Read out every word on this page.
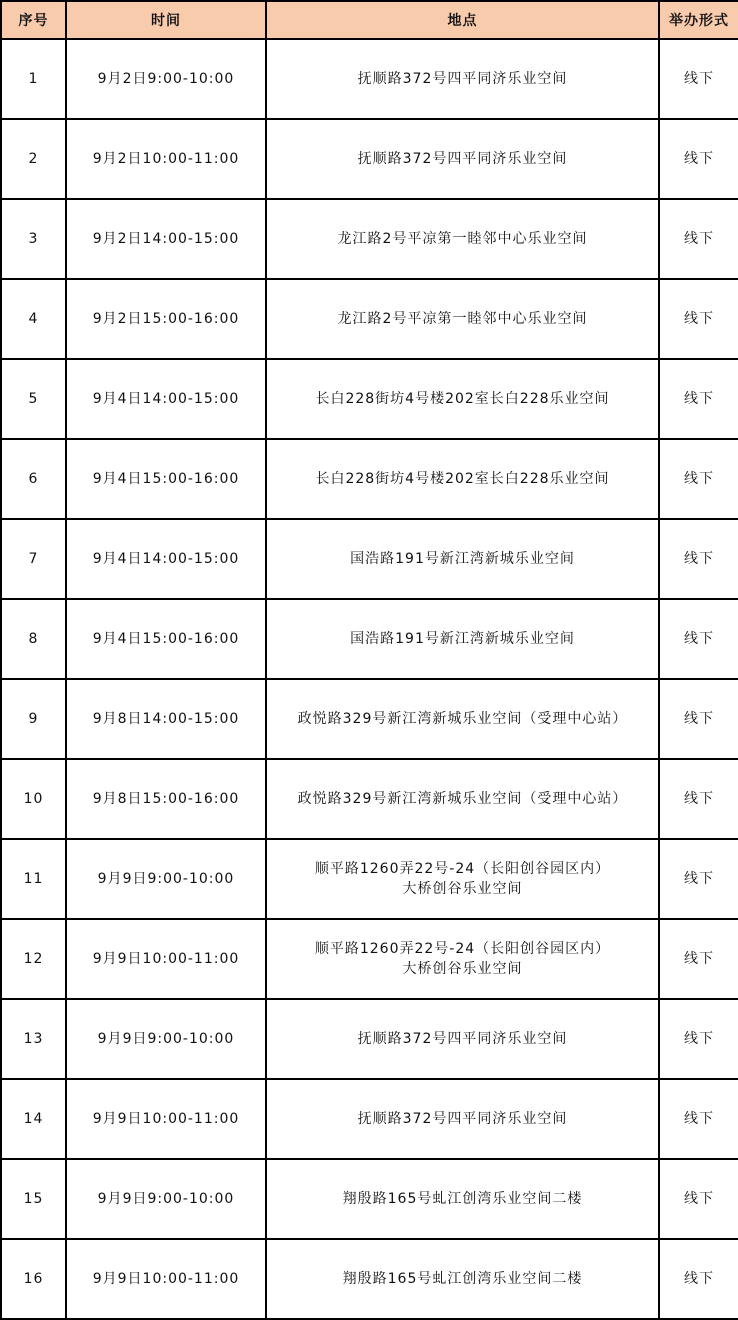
序号	时间	地点	举办形式
1	9月2日9:00-10:00	抚顺路372号四平同济乐业空间	线下
2	9月2日10:00-11:00	抚顺路372号四平同济乐业空间	线下
3	9月2日14:00-15:00	龙江路2号平凉第一睦邻中心乐业空间	线下
4	9月2日15:00-16:00	龙江路2号平凉第一睦邻中心乐业空间	线下
5	9月4日14:00-15:00	长白228街坊4号楼202室长白228乐业空间	线下
6	9月4日15:00-16:00	长白228街坊4号楼202室长白228乐业空间	线下
7	9月4日14:00-15:00	国浩路191号新江湾新城乐业空间	线下
8	9月4日15:00-16:00	国浩路191号新江湾新城乐业空间	线下
9	9月8日14:00-15:00	政悦路329号新江湾新城乐业空间（受理中心站）	线下
10	9月8日15:00-16:00	政悦路329号新江湾新城乐业空间（受理中心站）	线下
11	9月9日9:00-10:00	顺平路1260弄22号-24（长阳创谷园区内）
大桥创谷乐业空间	线下
12	9月9日10:00-11:00	顺平路1260弄22号-24（长阳创谷园区内）
大桥创谷乐业空间	线下
13	9月9日9:00-10:00	抚顺路372号四平同济乐业空间	线下
14	9月9日10:00-11:00	抚顺路372号四平同济乐业空间	线下
15	9月9日9:00-10:00	翔殷路165号虬江创湾乐业空间二楼	线下
16	9月9日10:00-11:00	翔殷路165号虬江创湾乐业空间二楼	线下
